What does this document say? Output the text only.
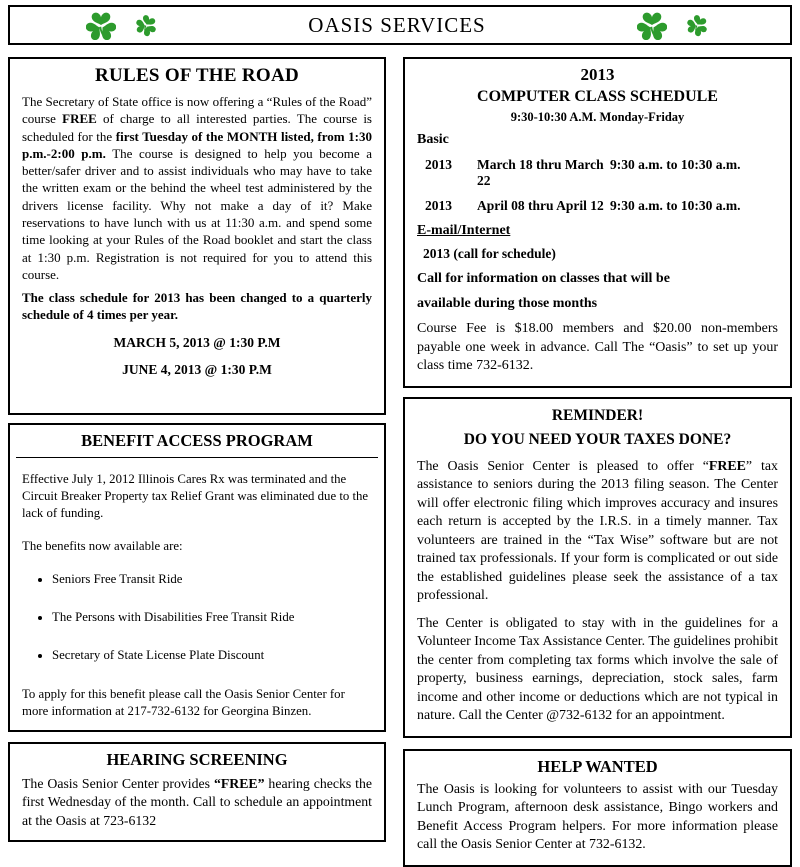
OASIS SERVICES
RULES OF THE ROAD

The Secretary of State office is now offering a “Rules of the Road” course FREE of charge to all interested parties. The course is scheduled for the first Tuesday of the MONTH listed, from 1:30 p.m.-2:00 p.m. The course is designed to help you become a better/safer driver and to assist individuals who may have to take the written exam or the behind the wheel test administered by the drivers license facility. Why not make a day of it? Make reservations to have lunch with us at 11:30 a.m. and spend some time looking at your Rules of the Road booklet and start the class at 1:30 p.m. Registration is not required for you to attend this course.

The class schedule for 2013 has been changed to a quarterly schedule of 4 times per year.

MARCH 5, 2013 @ 1:30 P.M
JUNE 4, 2013 @ 1:30 P.M
BENEFIT ACCESS PROGRAM

Effective July 1, 2012 Illinois Cares Rx was terminated and the Circuit Breaker Property tax Relief Grant was eliminated due to the lack of funding.

The benefits now available are:

• Seniors Free Transit Ride
• The Persons with Disabilities Free Transit Ride
• Secretary of State License Plate Discount

To apply for this benefit please call the Oasis Senior Center for more information at 217-732-6132 for Georgina Binzen.

HEARING SCREENING

The Oasis Senior Center provides “FREE” hearing checks the first Wednesday of the month. Call to schedule an appointment at the Oasis at 723-6132

2013
COMPUTER CLASS SCHEDULE
9:30-10:30 A.M. Monday-Friday
Basic
2013	March 18 thru March 22
9:30 a.m. to 10:30 a.m.
2013	April 08 thru April 12 9:30 a.m. to 10:30 a.m.
E-mail/Internet
2013 (call for schedule)
Call for information on classes that will be
available during those months

Course Fee is $18.00 members and $20.00 non-members payable one week in advance. Call The “Oasis” to set up your class time 732-6132.

REMINDER!
DO YOU NEED YOUR TAXES DONE?

The Oasis Senior Center is pleased to offer “FREE” tax assistance to seniors during the 2013 filing season. The Center will offer electronic filing which improves accuracy and insures each return is accepted by the I.R.S. in a timely manner. Tax volunteers are trained in the “Tax Wise” software but are not trained tax professionals. If your form is complicated or out side the established guidelines please seek the assistance of a tax professional.

The Center is obligated to stay with in the guidelines for a Volunteer Income Tax Assistance Center. The guidelines prohibit the center from completing tax forms which involve the sale of property, business earnings, depreciation, stock sales, farm income and other income or deductions which are not typical in nature. Call the Center @732-6132 for an appointment.

HELP WANTED

The Oasis is looking for volunteers to assist with our Tuesday Lunch Program, afternoon desk assistance, Bingo workers and Benefit Access Program helpers. For more information please call the Oasis Senior Center at 732-6132.
